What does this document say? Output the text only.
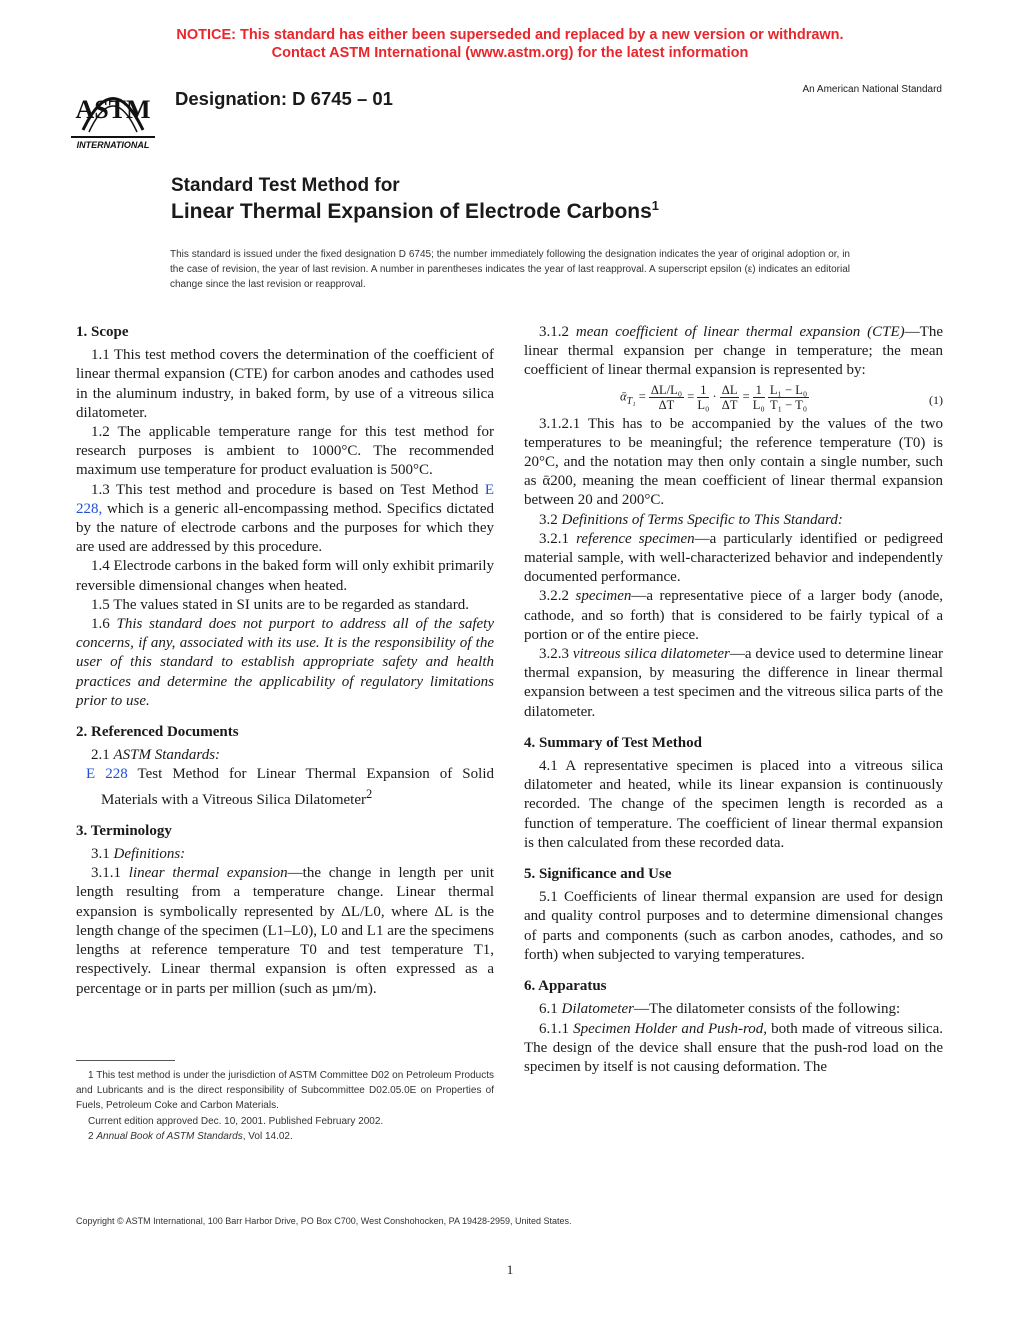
NOTICE: This standard has either been superseded and replaced by a new version or withdrawn.
Contact ASTM International (www.astm.org) for the latest information
ASTM
INTERNATIONAL
Designation: D 6745 – 01	An American National Standard
Standard Test Method for
Linear Thermal Expansion of Electrode Carbons$^1$
This standard is issued under the fixed designation D 6745; the number immediately following the designation indicates the year of original adoption or, in the case of revision, the year of last revision. A number in parentheses indicates the year of last reapproval. A superscript epsilon (ε) indicates an editorial change since the last revision or reapproval.
1. Scope

1.1 This test method covers the determination of the coefficient of linear thermal expansion (CTE) for carbon anodes and cathodes used in the aluminum industry, in baked form, by use of a vitreous silica dilatometer.

1.2 The applicable temperature range for this test method for research purposes is ambient to 1000°C. The recommended maximum use temperature for product evaluation is 500°C.

1.3 This test method and procedure is based on Test Method E 228, which is a generic all-encompassing method. Specifics dictated by the nature of electrode carbons and the purposes for which they are used are addressed by this procedure.

1.4 Electrode carbons in the baked form will only exhibit primarily reversible dimensional changes when heated.

1.5 The values stated in SI units are to be regarded as standard.

1.6 This standard does not purport to address all of the safety concerns, if any, associated with its use. It is the responsibility of the user of this standard to establish appropriate safety and health practices and determine the applicability of regulatory limitations prior to use.

2. Referenced Documents

2.1 ASTM Standards:

E 228 Test Method for Linear Thermal Expansion of Solid Materials with a Vitreous Silica Dilatometer$^2$

3. Terminology

3.1 Definitions:

3.1.1 linear thermal expansion—the change in length per unit length resulting from a temperature change. Linear thermal expansion is symbolically represented by ΔL/L0, where ΔL is the length change of the specimen (L1–L0), L0 and L1 are the specimens lengths at reference temperature T0 and test temperature T1, respectively. Linear thermal expansion is often expressed as a percentage or in parts per million (such as µm/m).

1 This test method is under the jurisdiction of ASTM Committee D02 on Petroleum Products and Lubricants and is the direct responsibility of Subcommittee D02.05.0E on Properties of Fuels, Petroleum Coke and Carbon Materials.

Current edition approved Dec. 10, 2001. Published February 2002.

2 Annual Book of ASTM Standards, Vol 14.02.

3.1.2 mean coefficient of linear thermal expansion (CTE)—The linear thermal expansion per change in temperature; the mean coefficient of linear thermal expansion is represented by:

ᾱ$_{T_1}$ = $\frac{\text{ΔL/L₀}}{\Delta T} = \frac{1}{\text{L₀}} \cdot \frac{\Delta L}{\Delta T} = \frac{1}{\text{L₀}}$
$\frac{\text{L₁ − L₀}}{\text{T₁ − T₀}}$	(1)

3.1.2.1 This has to be accompanied by the values of the two temperatures to be meaningful; the reference temperature (T0) is 20°C, and the notation may then only contain a single number, such as ᾱ200, meaning the mean coefficient of linear thermal expansion between 20 and 200°C.

3.2 Definitions of Terms Specific to This Standard:

3.2.1 reference specimen—a particularly identified or pedigreed material sample, with well-characterized behavior and independently documented performance.

3.2.2 specimen—a representative piece of a larger body (anode, cathode, and so forth) that is considered to be fairly typical of a portion or of the entire piece.

3.2.3 vitreous silica dilatometer—a device used to determine linear thermal expansion, by measuring the difference in linear thermal expansion between a test specimen and the vitreous silica parts of the dilatometer.

4. Summary of Test Method

4.1 A representative specimen is placed into a vitreous silica dilatometer and heated, while its linear expansion is continuously recorded. The change of the specimen length is recorded as a function of temperature. The coefficient of linear thermal expansion is then calculated from these recorded data.

5. Significance and Use

5.1 Coefficients of linear thermal expansion are used for design and quality control purposes and to determine dimensional changes of parts and components (such as carbon anodes, cathodes, and so forth) when subjected to varying temperatures.

6. Apparatus

6.1 Dilatometer—The dilatometer consists of the following:

6.1.1 Specimen Holder and Push-rod, both made of vitreous silica. The design of the device shall ensure that the push-rod load on the specimen by itself is not causing deformation. The

Copyright © ASTM International, 100 Barr Harbor Drive, PO Box C700, West Conshohocken, PA 19428-2959, United States.
1
